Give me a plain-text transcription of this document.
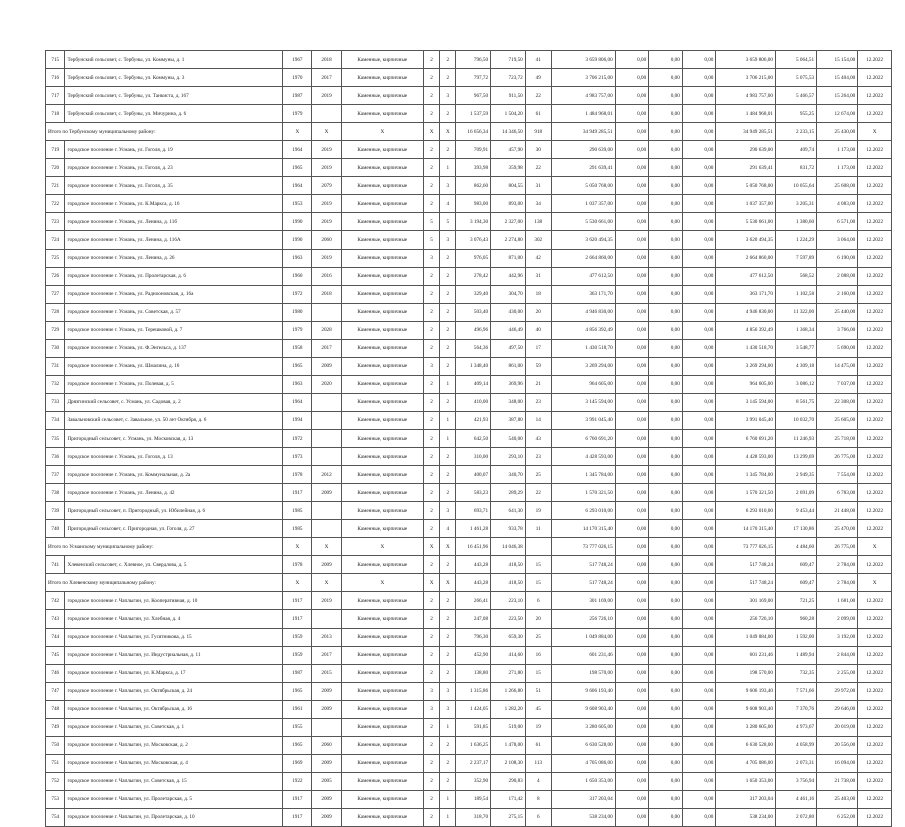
715	Тербунский сельсовет, с. Тербуны, ул. Коммуны, д. 1	1967	2018	Каменные, кирпичные	2	2	796,50	719,50	41	3 659 806,00	0,00	0,00	0,00	3 659 806,00	5 064,51	15 154,00	12.2022
716	Тербунский сельсовет, с. Тербуны, ул. Коммуны, д. 3	1970	2017	Каменные, кирпичные	2	2	797,72	723,72	49	3 706 215,00	0,00	0,00	0,00	3 706 215,00	5 075,53	15 404,00	12.2022
717	Тербунский сельсовет, с. Тербуны, ул. Танкиста, д. 167	1987	2019	Каменные, кирпичные	2	3	967,50	911,50	22	4 983 757,00	0,00	0,00	0,00	4 983 757,00	5 466,57	15 264,00	12.2022
718	Тербунский сельсовет, с. Тербуны, ул. Мичурина, д. 6	1979		Каменные, кирпичные	2	2	1 537,59	1 504,20	61	1 484 968,01	0,00	0,00	0,00	1 484 968,01	955,25	12 674,00	12.2022
Итого по Тербунскому муниципальному району:		X	X	X	X	X	16 656,34	14 346,50	918	34 949 285,51	0,00	0,00	0,00	34 949 285,51	2 233,15	25 430,00	X
719	городское поселение г. Усмань, ул. Гоголя, д. 19	1964	2019	Каменные, кирпичные	2	2	709,91	457,90	30	290 639,00	0,00	0,00	0,00	290 639,00	409,74	1 173,00	12.2022
720	городское поселение г. Усмань, ул. Гоголя, д. 23	1965	2019	Каменные, кирпичные	2	1	393,98	359,98	22	291 639,41	0,00	0,00	0,00	291 639,41	831,72	1 173,00	12.2022
721	городское поселение г. Усмань, ул. Гоголя, д. 35	1964	2079	Каменные, кирпичные	2	3	862,60	804,55	31	5 050 768,00	0,00	0,00	0,00	5 050 768,00	10 055,64	25 608,00	12.2022
722	городское поселение г. Усмань, ул. К.Маркса, д. 16	1953	2019	Каменные, кирпичные	2	4	983,00	893,00	34	1 037 357,00	0,00	0,00	0,00	1 037 357,00	3 205,31	4 083,00	12.2022
723	городское поселение г. Усмань, ул. Ленина, д. 11б	1990	2019	Каменные, кирпичные	5	5	3 194,30	2 327,00	138	5 530 661,00	0,00	0,00	0,00	5 530 661,00	1 380,60	6 571,00	12.2022
724	городское поселение г. Усмань, ул. Ленина, д. 116А	1990	2060	Каменные, кирпичные	5	3	3 076,43	2 274,80	302	3 620 494,35	0,00	0,00	0,00	3 620 494,35	1 224,29	3 064,00	12.2022
725	городское поселение г. Усмань, ул. Ленина, д. 26	1963	2019	Каменные, кирпичные	3	2	976,05	871,00	42	2 664 860,00	0,00	0,00	0,00	2 664 860,00	7 597,89	6 190,00	12.2022
726	городское поселение г. Усмань, ул. Пролетарская, д. 6	1960	2016	Каменные, кирпичные	2	2	278,42	442,96	31	477 612,50	0,00	0,00	0,00	477 612,50	568,52	2 088,00	12.2022
727	городское поселение г. Усмань, ул. Раднооновская, д. 16а	1972	2018	Каменные, кирпичные	2	2	329,40	304,70	18	363 171,70	0,00	0,00	0,00	363 171,70	1 102,58	2 160,00	12.2022
728	городское поселение г. Усмань, ул. Советская, д. 57	1980		Каменные, кирпичные	2	2	503,40	430,00	20	4 946 830,00	0,00	0,00	0,00	4 946 830,00	11 322,00	25 440,00	12.2022
729	городское поселение г. Усмань, ул. Терешковой, д. 7	1979	2028	Каменные, кирпичные	2	2	496,96	446,49	40	4 856 392,49	0,00	0,00	0,00	4 856 392,49	1 368,34	3 766,00	12.2022
730	городское поселение г. Усмань, ул. Ф.Энгельса, д. 137	1958	2017	Каменные, кирпичные	2	2	564,36	497,50	17	1 430 518,70	0,00	0,00	0,00	1 430 518,70	3 548,77	5 690,00	12.2022
731	городское поселение г. Усмань, ул. Шмалина, д. 16	1965	2009	Каменные, кирпичные	3	2	1 348,40	861,00	59	3 269 294,00	0,00	0,00	0,00	3 269 294,00	4 309,18	14 475,00	12.2022
732	городское поселение г. Усмань, ул. Полевая, д. 5	1963	2020	Каменные, кирпичные	2	1	409,14	369,96	21	964 605,00	0,00	0,00	0,00	964 605,00	3 086,12	7 037,00	12.2022
733	Дрязгинский сельсовет, с. Усмань, ул. Садовая, д. 2	1964		Каменные, кирпичные	2	2	410,00	348,00	23	3 145 594,00	0,00	0,00	0,00	3 145 594,00	8 561,75	22 308,00	12.2022
734	Завальновский сельсовет, с. Завальное, ул. 50 лет Октября, д. 6	1994		Каменные, кирпичные	2	1	421,93	387,80	14	3 991 045,40	0,00	0,00	0,00	3 991 045,40	10 032,70	25 605,00	12.2022
735	Пригородный сельсовет, с. Усмань, ул. Московская, д. 13	1972		Каменные, кирпичные	2	1	642,50	540,00	43	6 760 691,20	0,00	0,00	0,00	6 760 691,20	11 246,93	25 718,00	12.2022
736	городское поселение г. Усмань, ул. Гоголя, д. 13	1973		Каменные, кирпичные	2	2	310,00	293,10	23	4 428 593,00	0,00	0,00	0,00	4 428 593,00	13 299,69	26 775,00	12.2022
737	городское поселение г. Усмань, ул. Коммунальная, д. 2а	1978	2012	Каменные, кирпичные	2	2	400,07	340,70	25	1 345 784,00	0,00	0,00	0,00	1 345 784,00	2 949,35	7 554,00	12.2022
738	городское поселение г. Усмань, ул. Ленина, д. 42	1917	2009	Каменные, кирпичные	2	2	583,23	289,29	22	1 570 321,50	0,00	0,00	0,00	1 570 321,50	2 691,09	6 783,00	12.2022
739	Пригородный сельсовет, п. Пригородный, ул. Юбилейная, д. 6	1985		Каменные, кирпичные	2	3	693,71	641,30	19	6 293 010,00	0,00	0,00	0,00	6 293 010,00	9 453,44	21 448,00	12.2022
740	Пригородный сельсовет, с. Пригородная, ул. Гоголя, д. 27	1985		Каменные, кирпичные	2	4	1 461,28	933,78	11	14 170 315,40	0,00	0,00	0,00	14 170 315,40	17 130,86	25 470,00	12.2022
Итого по Усманскому муниципальному району:		X	X	X	X	X	16 451,96	14 046,38		73 777 026,15	0,00	0,00	0,00	73 777 026,15	4 484,60	26 775,00	X
741	Хлевенский сельсовет, с. Хлевное, ул. Свердлова, д. 5	1978	2009	Каменные, кирпичные	2	2	443,28	418,50	15	517 748,24	0,00	0,00	0,00	517 748,24	609,47	2 784,00	12.2022
Итого по Хлевенскому муниципальному району:		X	X	X	X	X	443,28	418,50	15	517 748,24	0,00	0,00	0,00	517 748,24	609,47	2 784,00	X
742	городское поселение г. Чаплыгин, ул. Кооперативная, д. 10	1917	2019	Каменные, кирпичные	2	2	266,41	223,10	6	301 169,00	0,00	0,00	0,00	301 169,00	721,25	1 681,00	12.2022
743	городское поселение г. Чаплыгин, ул. Хлебная, д. 4	1917		Каменные, кирпичные	2	2	247,08	223,50	20	256 726,10	0,00	0,00	0,00	256 726,10	960,28	2 099,00	12.2022
744	городское поселение г. Чаплыгин, ул. Гусятникова, д. 15	1959	2013	Каменные, кирпичные	2	2	796,30	659,30	25	1 049 884,00	0,00	0,00	0,00	1 049 884,00	1 592,00	3 192,00	12.2022
745	городское поселение г. Чаплыгин, ул. Индустриальная, д. 11	1959	2017	Каменные, кирпичные	2	2	452,90	414,60	16	601 231,46	0,00	0,00	0,00	601 231,46	1 489,94	2 844,00	12.2022
746	городское поселение г. Чаплыгин, ул. К.Маркса, д. 17	1987	2015	Каменные, кирпичные	2	2	138,80	271,80	15	198 570,00	0,00	0,00	0,00	198 570,00	732,35	2 255,00	12.2022
747	городское поселение г. Чаплыгин, ул. Октябрьская, д. 24	1965	2009	Каменные, кирпичные	3	3	1 315,86	1 266,80	51	9 606 193,40	0,00	0,00	0,00	9 606 193,40	7 571,66	29 972,00	12.2022
748	городское поселение г. Чаплыгин, ул. Октябрьская, д. 16	1961	2009	Каменные, кирпичные	3	3	1 424,05	1 282,20	45	9 608 903,40	0,00	0,00	0,00	9 608 903,40	7 370,76	29 646,00	12.2022
749	городское поселение г. Чаплыгин, ул. Советская, д. 1	1955		Каменные, кирпичные	2	1	591,85	519,00	19	3 280 605,00	0,00	0,00	0,00	3 280 605,00	4 973,67	20 019,00	12.2022
750	городское поселение г. Чаплыгин, ул. Московская, д. 2	1965	2060	Каменные, кирпичные	2	2	1 636,25	1 478,00	61	6 630 528,00	0,00	0,00	0,00	6 630 528,00	4 058,99	20 556,00	12.2022
751	городское поселение г. Чаплыгин, ул. Московская, д. 4	1969	2009	Каменные, кирпичные	2	2	2 237,17	2 108,30	113	4 705 086,00	0,00	0,00	0,00	4 705 086,00	2 073,31	16 094,00	12.2022
752	городское поселение г. Чаплыгин, ул. Советская, д. 15	1922	2005	Каменные, кирпичные	2	2	352,90	290,83	4	1 650 353,00	0,00	0,00	0,00	1 650 353,00	3 756,94	21 738,00	12.2022
753	городское поселение г. Чаплыгин, ул. Пролетарская, д. 5	1917	2009	Каменные, кирпичные	2	1	189,54	171,42	8	317 203,04	0,00	0,00	0,00	317 203,04	4 461,16	25 403,00	12.2022
754	городское поселение г. Чаплыгин, ул. Пролетарская, д. 10	1917	2009	Каменные, кирпичные	2	1	318,70	275,15	6	538 234,00	0,00	0,00	0,00	538 234,00	2 072,80	6 252,00	12.2022
